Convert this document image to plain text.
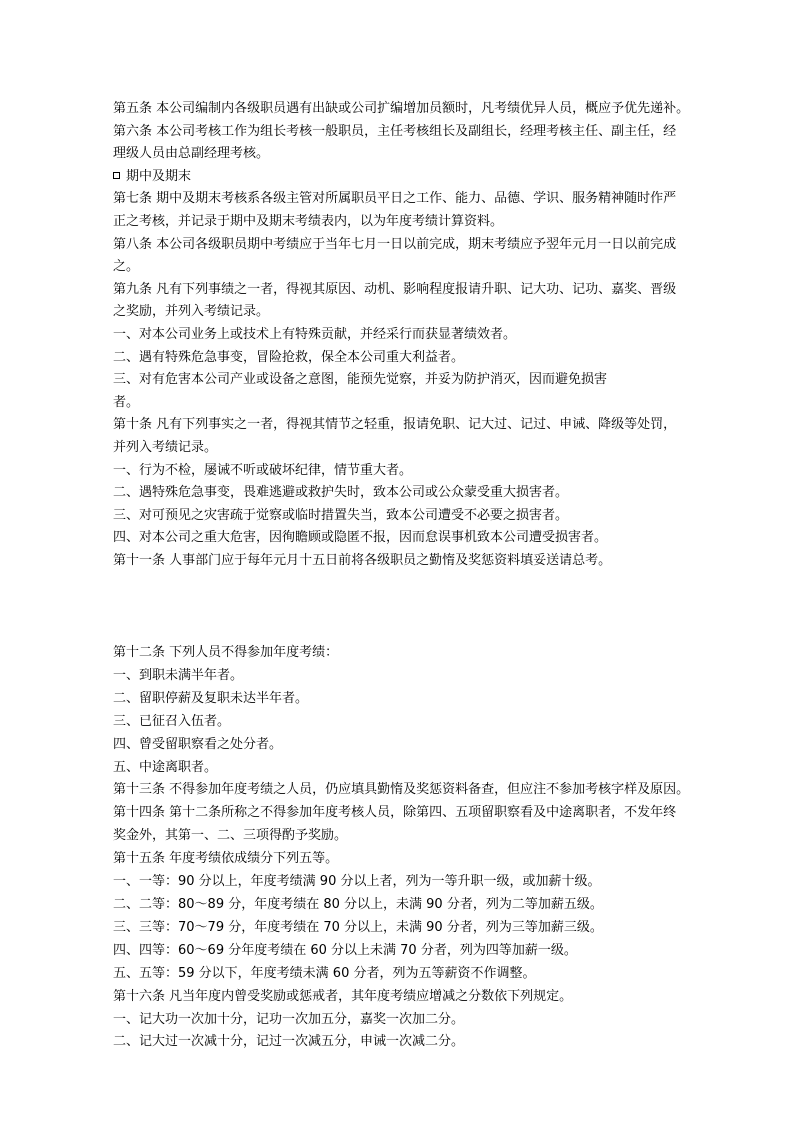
第五条 本公司编制内各级职员遇有出缺或公司扩编增加员额时，凡考绩优异人员，概应予优先递补。
第六条 本公司考核工作为组长考核一般职员，主任考核组长及副组长，经理考核主任、副主任，经
理级人员由总副经理考核。
期中及期末
第七条 期中及期末考核系各级主管对所属职员平日之工作、能力、品德、学识、服务精神随时作严
正之考核，并记录于期中及期末考绩表内，以为年度考绩计算资料。
第八条 本公司各级职员期中考绩应于当年七月一日以前完成，期末考绩应予翌年元月一日以前完成
之。
第九条 凡有下列事绩之一者，得视其原因、动机、影响程度报请升职、记大功、记功、嘉奖、晋级
之奖励，并列入考绩记录。
一、对本公司业务上或技术上有特殊贡献，并经采行而获显著绩效者。
二、遇有特殊危急事变，冒险抢救，保全本公司重大利益者。
三、对有危害本公司产业或设备之意图，能预先觉察，并妥为防护消灭，因而避免损害
者。
第十条 凡有下列事实之一者，得视其情节之轻重，报请免职、记大过、记过、申诫、降级等处罚，
并列入考绩记录。
一、行为不检，屡诫不听或破坏纪律，情节重大者。
二、遇特殊危急事变，畏难逃避或救护失时，致本公司或公众蒙受重大损害者。
三、对可预见之灾害疏于觉察或临时措置失当，致本公司遭受不必要之损害者。
四、对本公司之重大危害，因徇瞻顾或隐匿不报，因而怠误事机致本公司遭受损害者。
第十一条 人事部门应于每年元月十五日前将各级职员之勤惰及奖惩资料填妥送请总考。
第十二条 下列人员不得参加年度考绩：
一、到职未满半年者。
二、留职停薪及复职未达半年者。
三、已征召入伍者。
四、曾受留职察看之处分者。
五、中途离职者。
第十三条 不得参加年度考绩之人员，仍应填具勤惰及奖惩资料备查，但应注不参加考核字样及原因。
第十四条 第十二条所称之不得参加年度考核人员，除第四、五项留职察看及中途离职者，不发年终
奖金外，其第一、二、三项得酌予奖励。
第十五条 年度考绩依成绩分下列五等。
一、一等：90 分以上，年度考绩满 90 分以上者，列为一等升职一级，或加薪十级。
二、二等：80～89 分，年度考绩在 80 分以上，未满 90 分者，列为二等加薪五级。
三、三等：70～79 分，年度考绩在 70 分以上，未满 90 分者，列为三等加薪三级。
四、四等：60～69 分年度考绩在 60 分以上未满 70 分者，列为四等加薪一级。
五、五等：59 分以下，年度考绩未满 60 分者，列为五等薪资不作调整。
第十六条 凡当年度内曾受奖励或惩戒者，其年度考绩应增减之分数依下列规定。
一、记大功一次加十分，记功一次加五分，嘉奖一次加二分。
二、记大过一次减十分，记过一次减五分，申诫一次减二分。
